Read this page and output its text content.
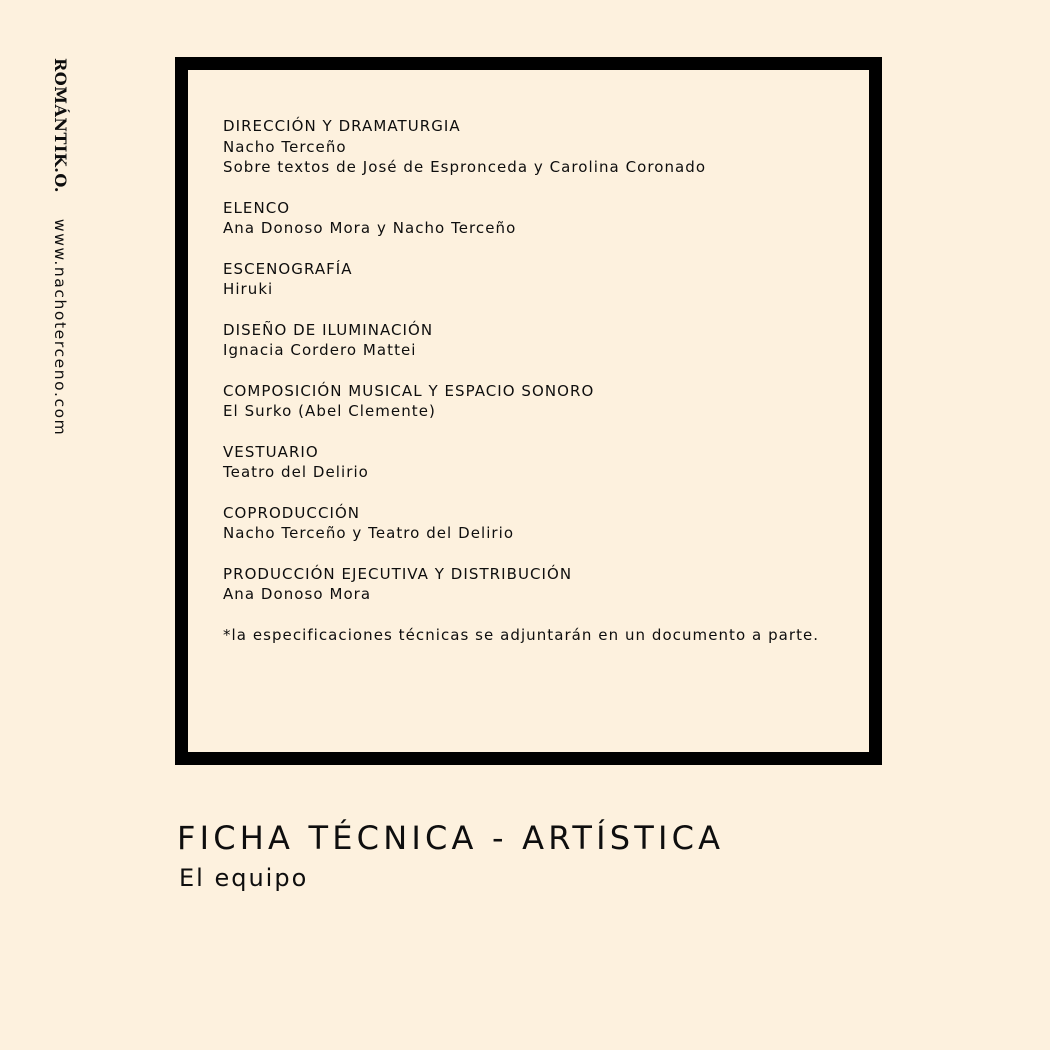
ROMÁNTIK.O.
www.nachoterceno.com
DIRECCIÓN Y DRAMATURGIA
Nacho Terceño
Sobre textos de José de Espronceda y Carolina Coronado
ELENCO
Ana Donoso Mora y Nacho Terceño
ESCENOGRAFÍA
Hiruki
DISEÑO DE ILUMINACIÓN
Ignacia Cordero Mattei
COMPOSICIÓN MUSICAL Y ESPACIO SONORO
El Surko (Abel Clemente)
VESTUARIO
Teatro del Delirio
COPRODUCCIÓN
Nacho Terceño y Teatro del Delirio
PRODUCCIÓN EJECUTIVA Y DISTRIBUCIÓN
Ana Donoso Mora
*la especificaciones técnicas se adjuntarán en un documento a parte.
FICHA TÉCNICA - ARTÍSTICA
El equipo
